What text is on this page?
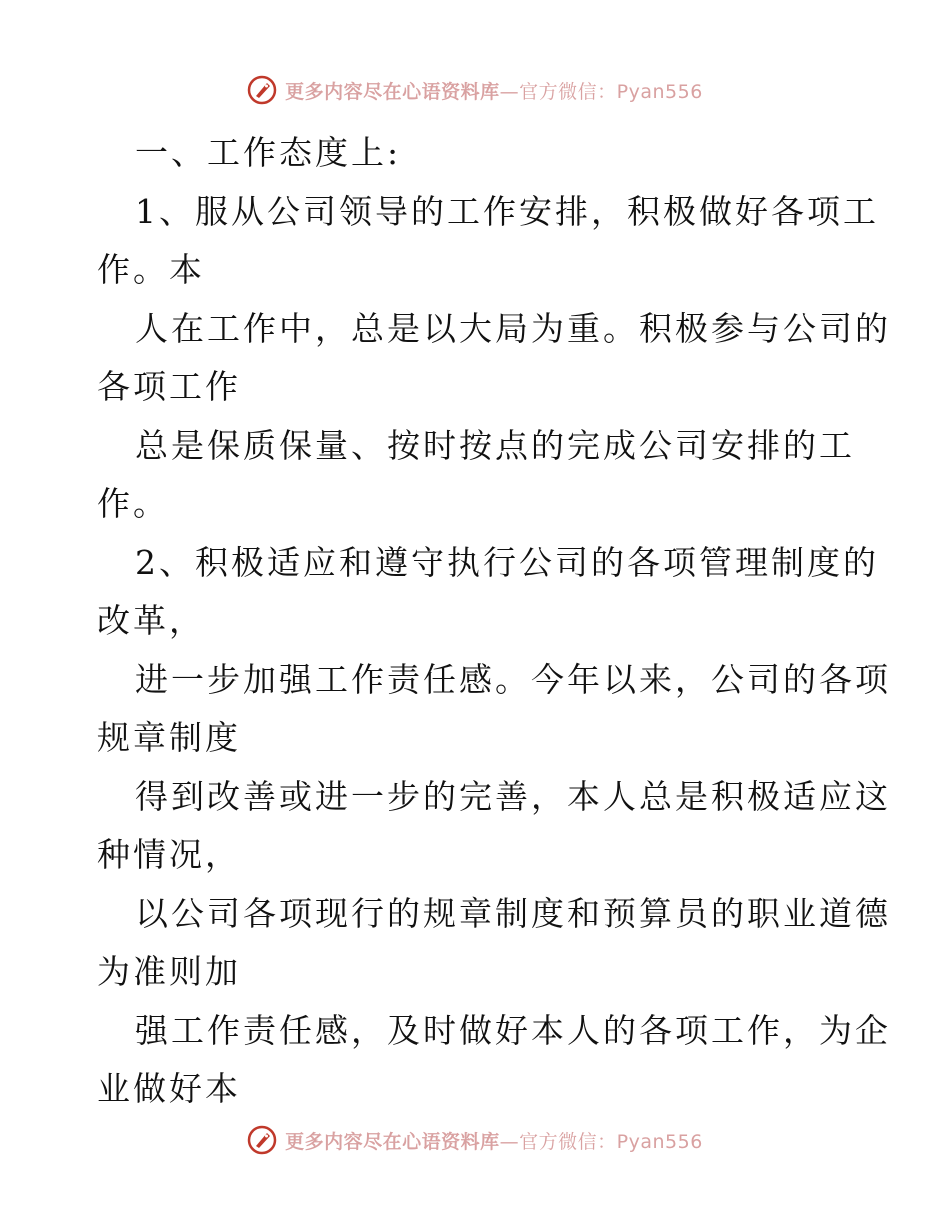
更多内容尽在心语资料库—官方微信：Pyan556
一、工作态度上:
1、服从公司领导的工作安排，积极做好各项工
作。本
人在工作中，总是以大局为重。积极参与公司的
各项工作
总是保质保量、按时按点的完成公司安排的工
作。
2、积极适应和遵守执行公司的各项管理制度的
改革，
进一步加强工作责任感。今年以来，公司的各项
规章制度
得到改善或进一步的完善，本人总是积极适应这
种情况，
以公司各项现行的规章制度和预算员的职业道德
为准则加
强工作责任感，及时做好本人的各项工作，为企
业做好本
更多内容尽在心语资料库—官方微信：Pyan556
